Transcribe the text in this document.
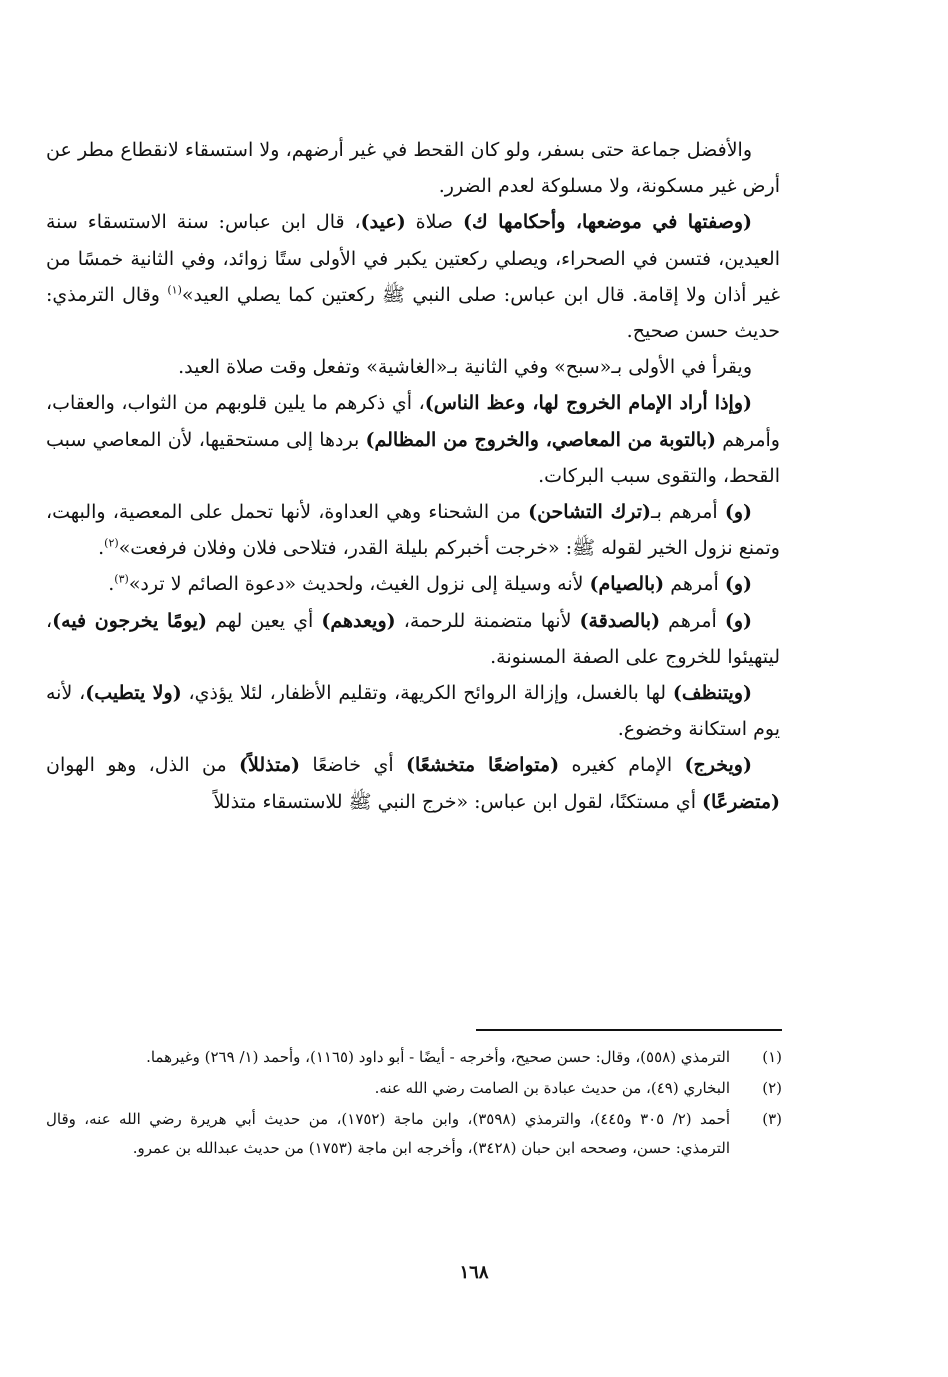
والأفضل جماعة حتى بسفر، ولو كان القحط في غير أرضهم، ولا استسقاء لانقطاع مطر عن أرض غير مسكونة، ولا مسلوكة لعدم الضرر.

(وصفتها في موضعها، وأحكامها ك) صلاة (عيد)، قال ابن عباس: سنة الاستسقاء سنة العيدين، فتسن في الصحراء، ويصلي ركعتين يكبر في الأولى ستًا زوائد، وفي الثانية خمسًا من غير أذان ولا إقامة. قال ابن عباس: صلى النبي ﷺ ركعتين كما يصلي العيد»$^{(١)}$ وقال الترمذي: حديث حسن صحيح.

ويقرأ في الأولى بـ«سبح» وفي الثانية بـ«الغاشية» وتفعل وقت صلاة العيد.

(وإذا أراد الإمام الخروج لها، وعظ الناس)، أي ذكرهم ما يلين قلوبهم من الثواب، والعقاب، وأمرهم (بالتوبة من المعاصي، والخروج من المظالم) بردها إلى مستحقيها، لأن المعاصي سبب القحط، والتقوى سبب البركات.

(و) أمرهم بـ(ترك التشاحن) من الشحناء وهي العداوة، لأنها تحمل على المعصية، والبهت، وتمنع نزول الخير لقوله ﷺ: «خرجت أخبركم بليلة القدر، فتلاحى فلان وفلان فرفعت»$^{(٢)}$.

(و) أمرهم (بالصيام) لأنه وسيلة إلى نزول الغيث، ولحديث «دعوة الصائم لا ترد»$^{(٣)}$.

(و) أمرهم (بالصدقة) لأنها متضمنة للرحمة، (ويعدهم) أي يعين لهم (يومًا يخرجون فيه)، ليتهيئوا للخروج على الصفة المسنونة.

(ويتنظف) لها بالغسل، وإزالة الروائح الكريهة، وتقليم الأظفار، لئلا يؤذي، (ولا يتطيب)، لأنه يوم استكانة وخضوع.

(ويخرج) الإمام كغيره (متواضعًا متخشعًا) أي خاضعًا (متذللاً) من الذل، وهو الهوان (متضرعًا) أي مستكنًا، لقول ابن عباس: «خرج النبي ﷺ للاستسقاء متذللاً

(١)
الترمذي (٥٥٨)، وقال: حسن صحيح، وأخرجه - أيضًا - أبو داود (١١٦٥)، وأحمد (١/ ٢٦٩) وغيرهما.
(٢)
البخاري (٤٩)، من حديث عبادة بن الصامت رضي الله عنه.
(٣)
أحمد (٢/ ٣٠٥ و٤٤٥)، والترمذي (٣٥٩٨)، وابن ماجة (١٧٥٢)، من حديث أبي هريرة رضي الله عنه، وقال الترمذي: حسن، وصححه ابن حبان (٣٤٢٨)، وأخرجه ابن ماجة (١٧٥٣) من حديث عبدالله بن عمرو.
١٦٨
